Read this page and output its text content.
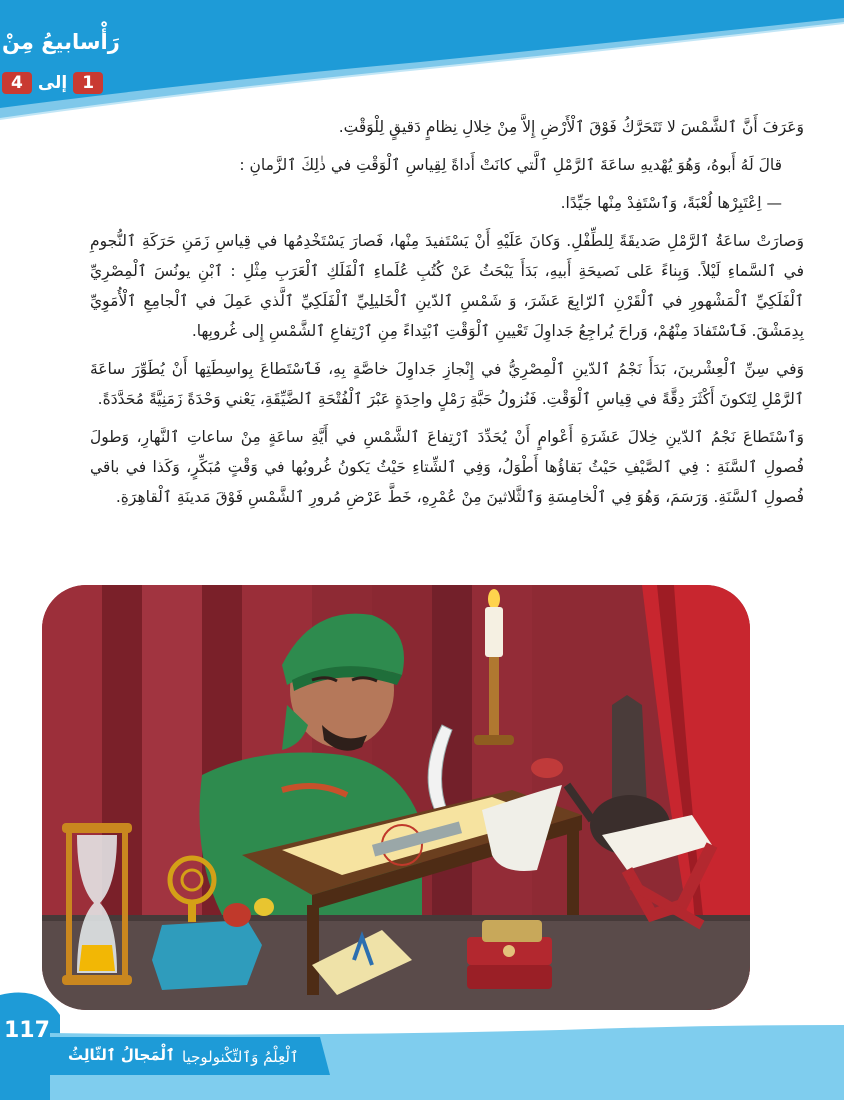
رَأْسابيعُ مِنْ
4 إلى 1

وَعَرَفَ أَنَّ ٱلشَّمْسَ لا تَتَحَرَّكُ فَوْقَ ٱلْأَرْضِ إِلاَّ مِنْ خِلالِ نِظامٍ دَقيقٍ لِلْوَقْتِ.

قالَ لَهُ أَبوهُ، وَهُوَ يُهْديهِ ساعَةَ ٱلرَّمْلِ ٱلَّتي كانَتْ أَداةً لِقِياسِ ٱلْوَقْتِ في ذٰلِكَ ٱلزَّمانِ :

— اِعْتَبِرْها لُعْبَةً، وَٱسْتَفِدْ مِنْها جَيِّدًا.

وَصارَتْ ساعَةُ ٱلرَّمْلِ صَديقَةً لِلطِّفْلِ. وَكانَ عَلَيْهِ أَنْ يَسْتَفيدَ مِنْها، فَصارَ يَسْتَخْدِمُها في قِياسِ زَمَنِ حَرَكَةِ ٱلنُّجومِ في ٱلسَّماءِ لَيْلاً. وَبِناءً عَلى نَصيحَةِ أَبيهِ، بَدَأَ يَبْحَثُ عَنْ كُتُبِ عُلَماءِ ٱلْفَلَكِ ٱلْعَرَبِ مِثْلِ : ٱبْنِ يونُسَ ٱلْمِصْرِيِّ ٱلْفَلَكِيِّ ٱلْمَشْهورِ في ٱلْقَرْنِ ٱلرّابِعَ عَشَرَ، وَ شَمْسِ ٱلدّينِ ٱلْخَليلِيِّ ٱلْفَلَكِيِّ ٱلَّذي عَمِلَ في ٱلْجامِعِ ٱلْأُمَوِيِّ بِدِمَشْقَ. فَٱسْتَفادَ مِنْهُمْ، وَراحَ يُراجِعُ جَداوِلَ تَعْيينِ ٱلْوَقْتِ ٱبْتِداءً مِنِ ٱرْتِفاعِ ٱلشَّمْسِ إِلى غُروبِها.

وَفي سِنِّ ٱلْعِشْرينَ، بَدَأَ نَجْمُ ٱلدّينِ ٱلْمِصْرِيُّ في إِنْجازِ جَداوِلَ خاصَّةٍ بِهِ، فَٱسْتَطاعَ بِواسِطَتِها أَنْ يُطَوِّرَ ساعَةَ ٱلرَّمْلِ لِتَكونَ أَكْثَرَ دِقَّةً في قِياسِ ٱلْوَقْتِ. فَنُزولُ حَبَّةِ رَمْلٍ واحِدَةٍ عَبْرَ ٱلْفُتْحَةِ ٱلضَّيِّقَةِ، يَعْني وَحْدَةً زَمَنِيَّةً مُحَدَّدَةً.

وَٱسْتَطاعَ نَجْمُ ٱلدّينِ خِلالَ عَشَرَةِ أَعْوامٍ أَنْ يُحَدِّدَ ٱرْتِفاعَ ٱلشَّمْسِ في أَيَّةِ ساعَةٍ مِنْ ساعاتِ ٱلنَّهارِ، وَطولَ فُصولِ ٱلسَّنَةِ : فِي ٱلصَّيْفِ حَيْثُ بَقاؤُها أَطْوَلُ، وَفِي ٱلشِّتاءِ حَيْثُ يَكونُ غُروبُها في وَقْتٍ مُبَكِّرٍ، وَكَذا في باقي فُصولِ ٱلسَّنَةِ. وَرَسَمَ، وَهُوَ فِي ٱلْخامِسَةِ وَٱلثَّلاثينَ مِنْ عُمْرِهِ، خَطَّ عَرْضِ مُرورِ ٱلشَّمْسِ فَوْقَ مَدينَةِ ٱلْقاهِرَةِ.

117
ٱلْمَجالُ ٱلثّالِثُ ٱلْعِلْمُ وَٱلتِّكْنولوجيا
